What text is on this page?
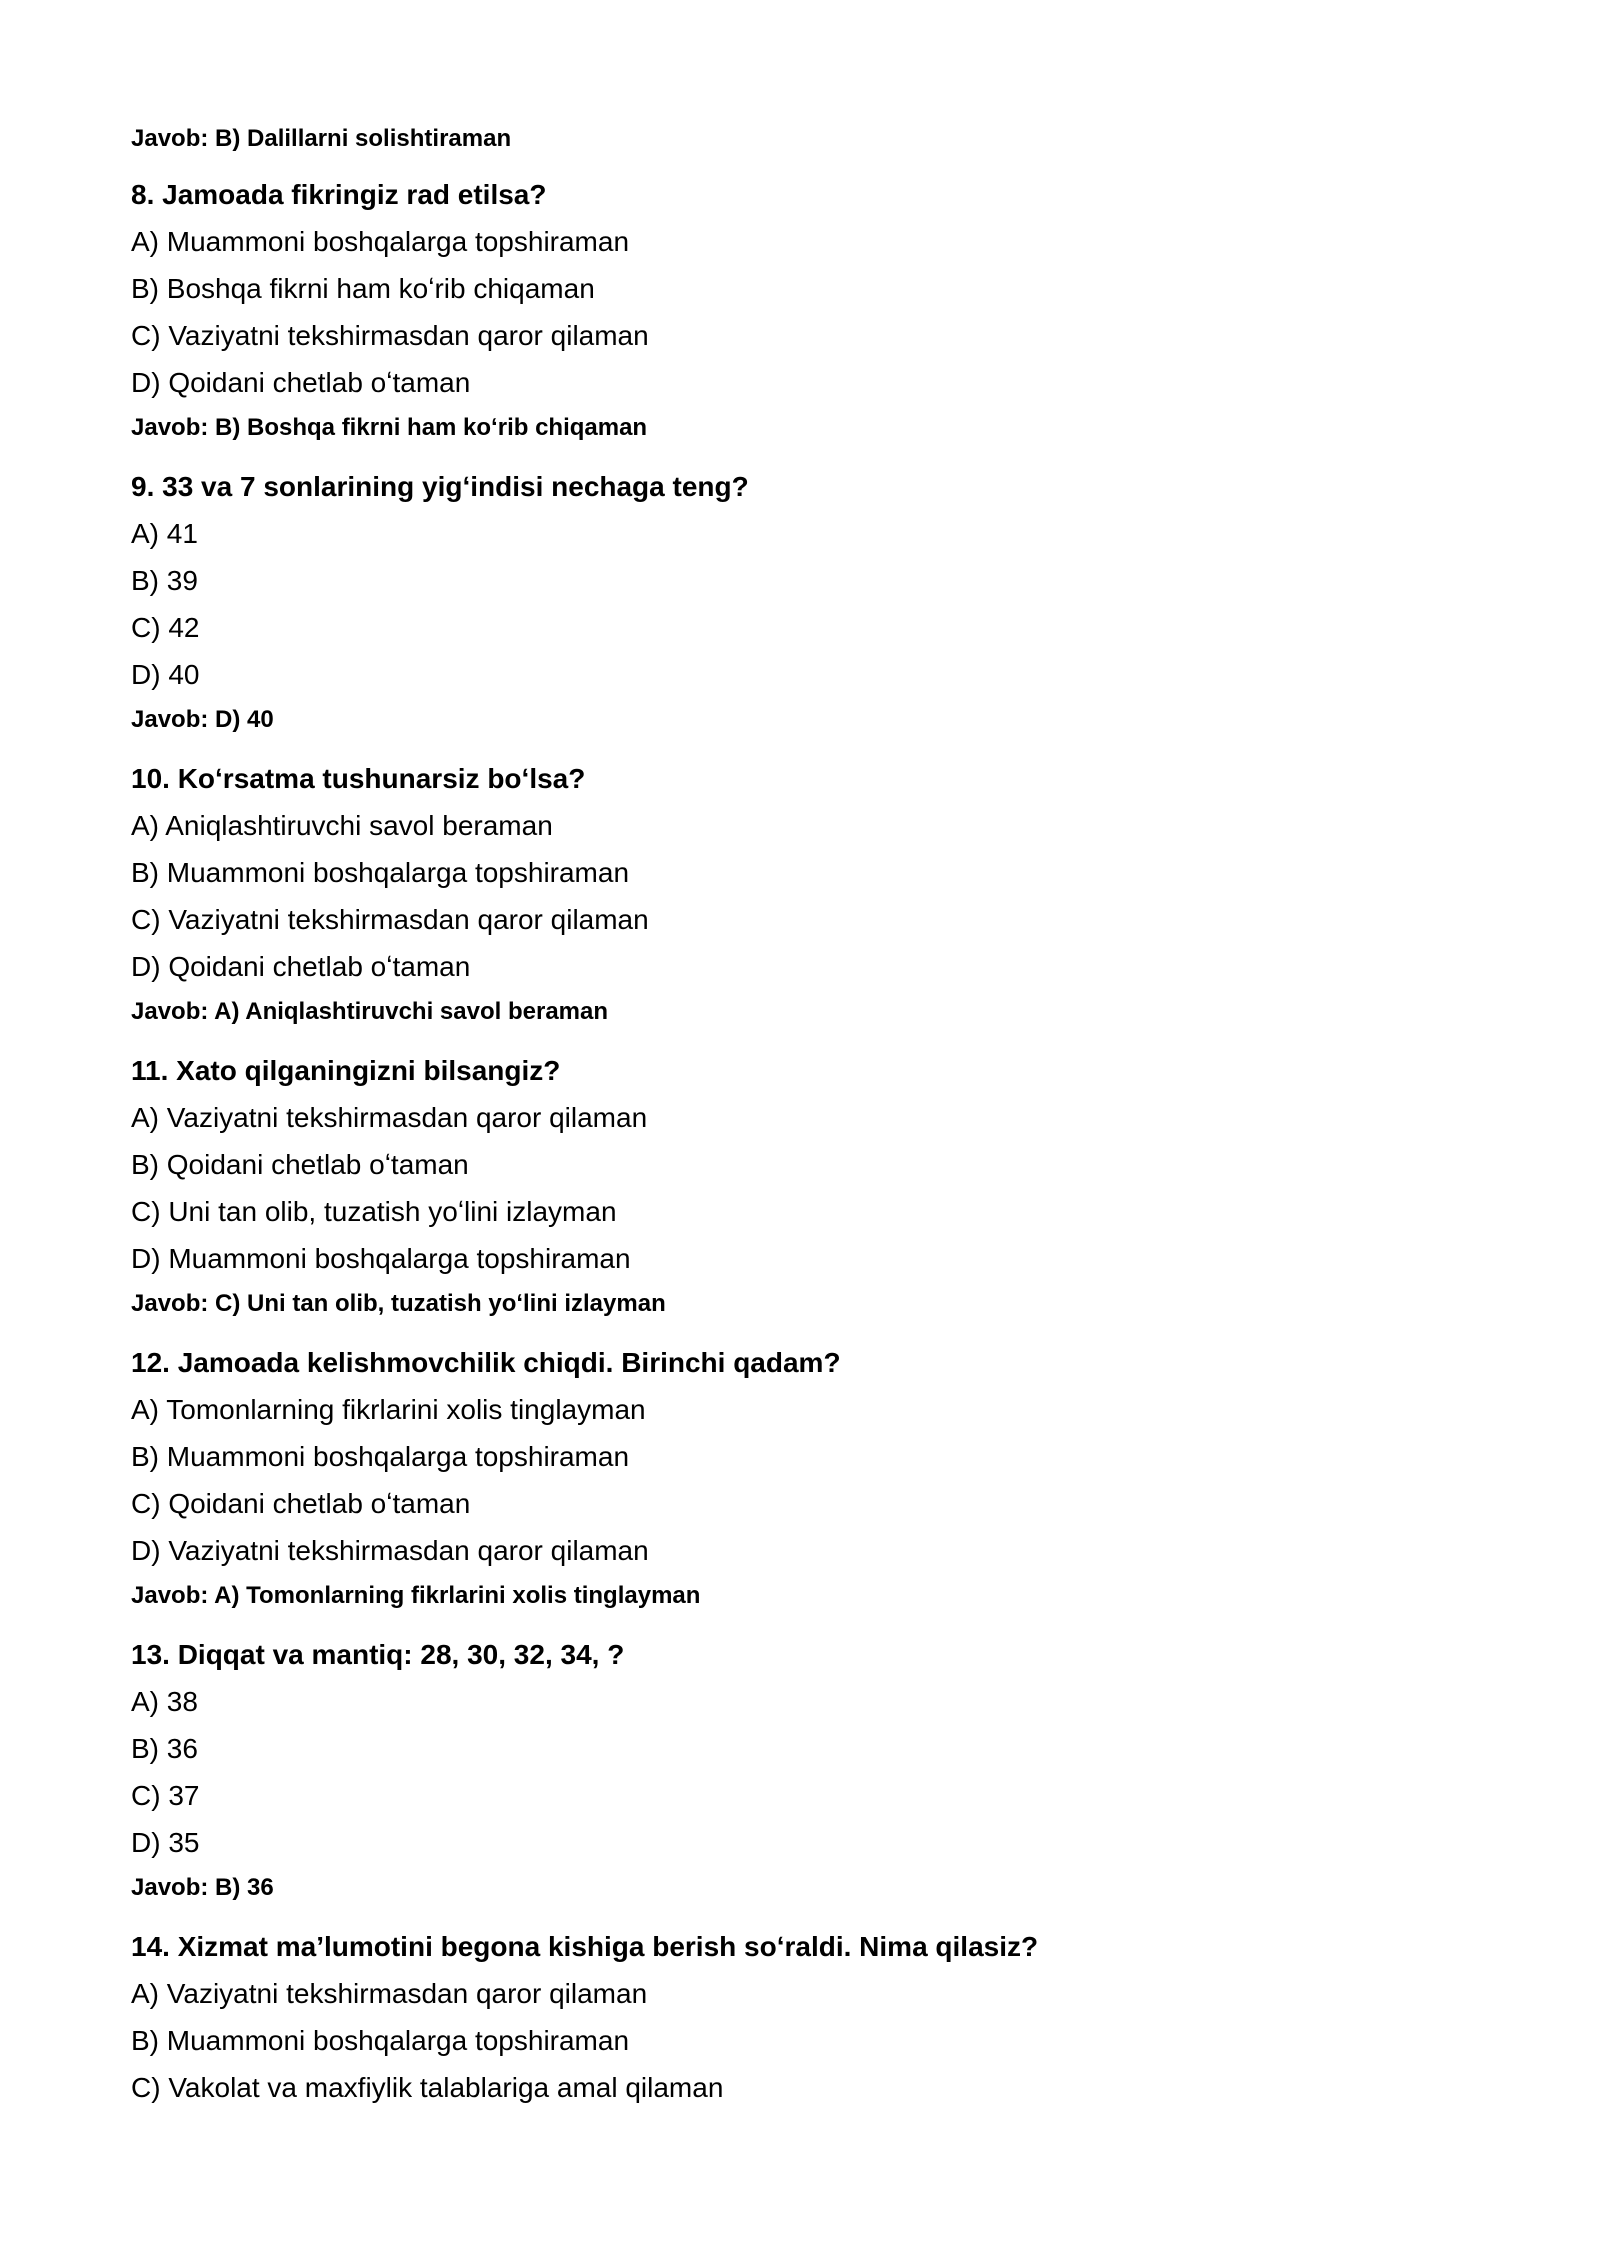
Javob: B) Dalillarni solishtiraman
8. Jamoada fikringiz rad etilsa?
A) Muammoni boshqalarga topshiraman
B) Boshqa fikrni ham koʻrib chiqaman
C) Vaziyatni tekshirmasdan qaror qilaman
D) Qoidani chetlab oʻtaman
Javob: B) Boshqa fikrni ham koʻrib chiqaman
9. 33 va 7 sonlarining yigʻindisi nechaga teng?
A) 41
B) 39
C) 42
D) 40
Javob: D) 40
10. Koʻrsatma tushunarsiz boʻlsa?
A) Aniqlashtiruvchi savol beraman
B) Muammoni boshqalarga topshiraman
C) Vaziyatni tekshirmasdan qaror qilaman
D) Qoidani chetlab oʻtaman
Javob: A) Aniqlashtiruvchi savol beraman
11. Xato qilganingizni bilsangiz?
A) Vaziyatni tekshirmasdan qaror qilaman
B) Qoidani chetlab oʻtaman
C) Uni tan olib, tuzatish yoʻlini izlayman
D) Muammoni boshqalarga topshiraman
Javob: C) Uni tan olib, tuzatish yoʻlini izlayman
12. Jamoada kelishmovchilik chiqdi. Birinchi qadam?
A) Tomonlarning fikrlarini xolis tinglayman
B) Muammoni boshqalarga topshiraman
C) Qoidani chetlab oʻtaman
D) Vaziyatni tekshirmasdan qaror qilaman
Javob: A) Tomonlarning fikrlarini xolis tinglayman
13. Diqqat va mantiq: 28, 30, 32, 34, ?
A) 38
B) 36
C) 37
D) 35
Javob: B) 36
14. Xizmat maʼlumotini begona kishiga berish soʻraldi. Nima qilasiz?
A) Vaziyatni tekshirmasdan qaror qilaman
B) Muammoni boshqalarga topshiraman
C) Vakolat va maxfiylik talablariga amal qilaman
